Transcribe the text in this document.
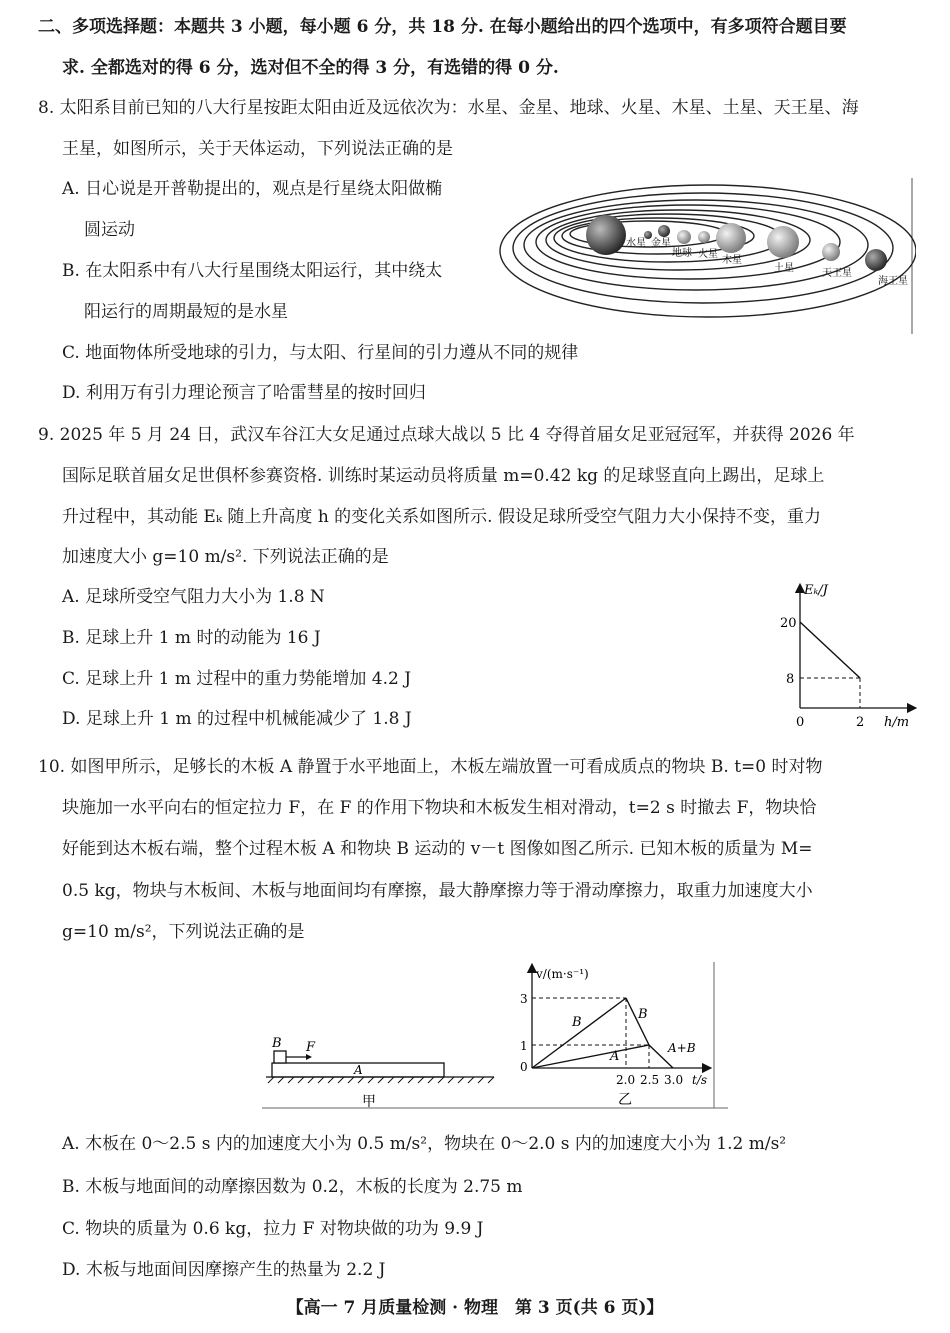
二、多项选择题：本题共 3 小题，每小题 6 分，共 18 分. 在每小题给出的四个选项中，有多项符合题目要
求. 全都选对的得 6 分，选对但不全的得 3 分，有选错的得 0 分.
8. 太阳系目前已知的八大行星按距太阳由近及远依次为：水星、金星、地球、火星、木星、土星、天王星、海
王星，如图所示，关于天体运动，下列说法正确的是
A. 日心说是开普勒提出的，观点是行星绕太阳做椭
圆运动
B. 在太阳系中有八大行星围绕太阳运行，其中绕太
阳运行的周期最短的是水星
C. 地面物体所受地球的引力，与太阳、行星间的引力遵从不同的规律
D. 利用万有引力理论预言了哈雷彗星的按时回归
水星 金星
地球 火星
木星
土星	天王星
海王星
9. 2025 年 5 月 24 日，武汉车谷江大女足通过点球大战以 5 比 4 夺得首届女足亚冠冠军，并获得 2026 年
国际足联首届女足世俱杯参赛资格. 训练时某运动员将质量 m=0.42 kg 的足球竖直向上踢出，足球上
升过程中，其动能 Eₖ 随上升高度 h 的变化关系如图所示. 假设足球所受空气阻力大小保持不变，重力
加速度大小 g=10 m/s². 下列说法正确的是
A. 足球所受空气阻力大小为 1.8 N
B. 足球上升 1 m 时的动能为 16 J
C. 足球上升 1 m 过程中的重力势能增加 4.2 J
D. 足球上升 1 m 的过程中机械能减少了 1.8 J
Eₖ/J
h/m
20
8
0	2
10. 如图甲所示，足够长的木板 A 静置于水平地面上，木板左端放置一可看成质点的物块 B. t=0 时对物
块施加一水平向右的恒定拉力 F，在 F 的作用下物块和木板发生相对滑动，t=2 s 时撤去 F，物块恰
好能到达木板右端，整个过程木板 A 和物块 B 运动的 v－t 图像如图乙所示. 已知木板的质量为 M=
0.5 kg，物块与木板间、木板与地面间均有摩擦，最大静摩擦力等于滑动摩擦力，取重力加速度大小
g=10 m/s²，下列说法正确的是
B F
A
甲
v/(m·s⁻¹)
t/s
3
1
0
2.0 2.5 3.0
B
B
A
A+B
乙
A. 木板在 0～2.5 s 内的加速度大小为 0.5 m/s²，物块在 0～2.0 s 内的加速度大小为 1.2 m/s²
B. 木板与地面间的动摩擦因数为 0.2，木板的长度为 2.75 m
C. 物块的质量为 0.6 kg，拉力 F 对物块做的功为 9.9 J
D. 木板与地面间因摩擦产生的热量为 2.2 J
【高一 7 月质量检测 · 物理　第 3 页(共 6 页)】
